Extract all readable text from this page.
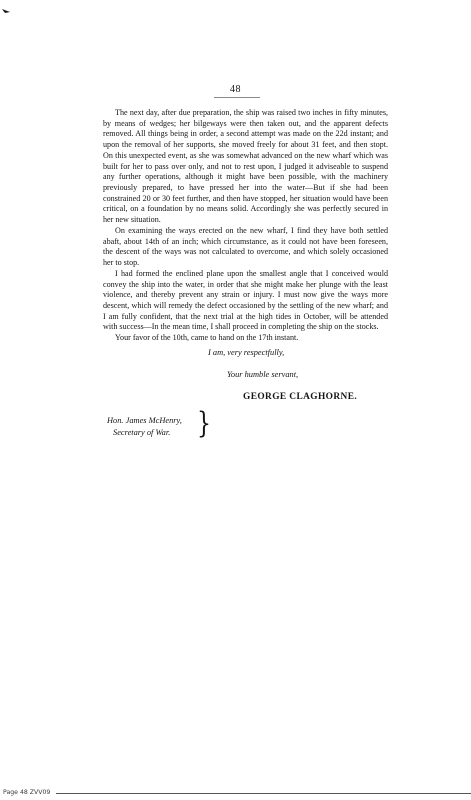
48

The next day, after due preparation, the ship was raised two inches in fifty minutes, by means of wedges; her bilgeways were then taken out, and the apparent defects removed. All things being in order, a second attempt was made on the 22d instant; and upon the removal of her supports, she moved freely for about 31 feet, and then stopt. On this unexpected event, as she was somewhat advanced on the new wharf which was built for her to pass over only, and not to rest upon, I judged it adviseable to suspend any further operations, although it might have been possible, with the machinery previously prepared, to have pressed her into the water—But if she had been constrained 20 or 30 feet further, and then have stopped, her situation would have been critical, on a foundation by no means solid. Accordingly she was perfectly secured in her new situation.

On examining the ways erected on the new wharf, I find they have both settled abaft, about 14th of an inch; which circumstance, as it could not have been foreseen, the descent of the ways was not calculated to overcome, and which solely occasioned her to stop.

I had formed the enclined plane upon the smallest angle that I conceived would convey the ship into the water, in order that she might make her plunge with the least violence, and thereby prevent any strain or injury. I must now give the ways more descent, which will remedy the defect occasioned by the settling of the new wharf; and I am fully confident, that the next trial at the high tides in October, will be attended with success—In the mean time, I shall proceed in completing the ship on the stocks.

Your favor of the 10th, came to hand on the 17th instant.

I am, very respectfully,
Your humble servant,
GEORGE CLAGHORNE.
Hon. James McHenry,
Secretary of War.	}
Page 48 ZVV09
